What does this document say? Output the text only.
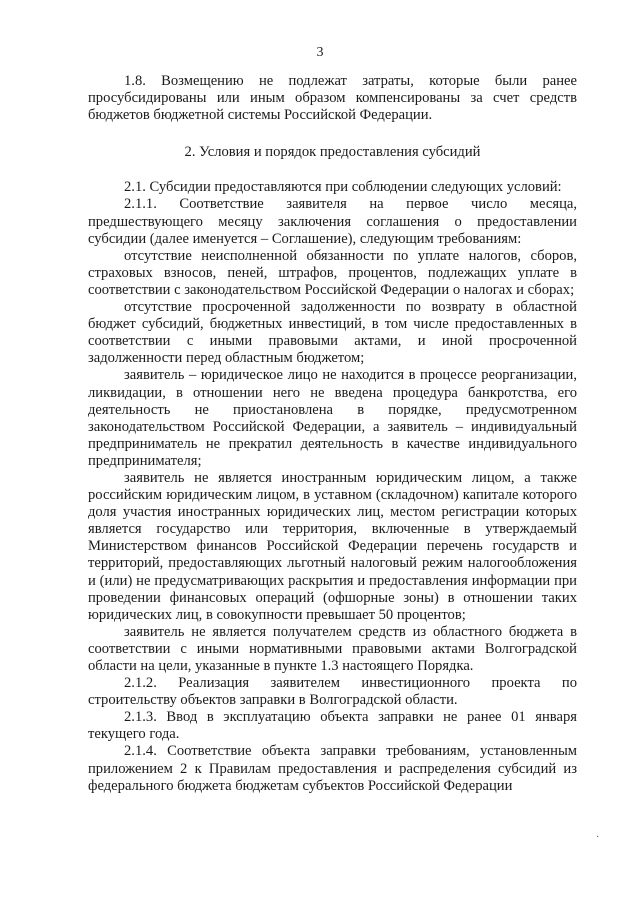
3

1.8. Возмещению не подлежат затраты, которые были ранее просубсидированы или иным образом компенсированы за счет средств бюджетов бюджетной системы Российской Федерации.

2. Условия и порядок предоставления субсидий

2.1. Субсидии предоставляются при соблюдении следующих условий:

2.1.1. Соответствие заявителя на первое число месяца, предшествующего месяцу заключения соглашения о предоставлении субсидии (далее именуется – Соглашение), следующим требованиям:

отсутствие неисполненной обязанности по уплате налогов, сборов, страховых взносов, пеней, штрафов, процентов, подлежащих уплате в соответствии с законодательством Российской Федерации о налогах и сборах;

отсутствие просроченной задолженности по возврату в областной бюджет субсидий, бюджетных инвестиций, в том числе предоставленных в соответствии с иными правовыми актами, и иной просроченной задолженности перед областным бюджетом;

заявитель – юридическое лицо не находится в процессе реорганизации, ликвидации, в отношении него не введена процедура банкротства, его деятельность не приостановлена в порядке, предусмотренном законодательством Российской Федерации, а заявитель – индивидуальный предприниматель не прекратил деятельность в качестве индивидуального предпринимателя;

заявитель не является иностранным юридическим лицом, а также российским юридическим лицом, в уставном (складочном) капитале которого доля участия иностранных юридических лиц, местом регистрации которых является государство или территория, включенные в утверждаемый Министерством финансов Российской Федерации перечень государств и территорий, предоставляющих льготный налоговый режим налогообложения и (или) не предусматривающих раскрытия и предоставления информации при проведении финансовых операций (офшорные зоны) в отношении таких юридических лиц, в совокупности превышает 50 процентов;

заявитель не является получателем средств из областного бюджета в соответствии с иными нормативными правовыми актами Волгоградской области на цели, указанные в пункте 1.3 настоящего Порядка.

2.1.2. Реализация заявителем инвестиционного проекта по строительству объектов заправки в Волгоградской области.

2.1.3. Ввод в эксплуатацию объекта заправки не ранее 01 января текущего года.

2.1.4. Соответствие объекта заправки требованиям, установленным приложением 2 к Правилам предоставления и распределения субсидий из федерального бюджета бюджетам субъектов Российской Федерации

·
